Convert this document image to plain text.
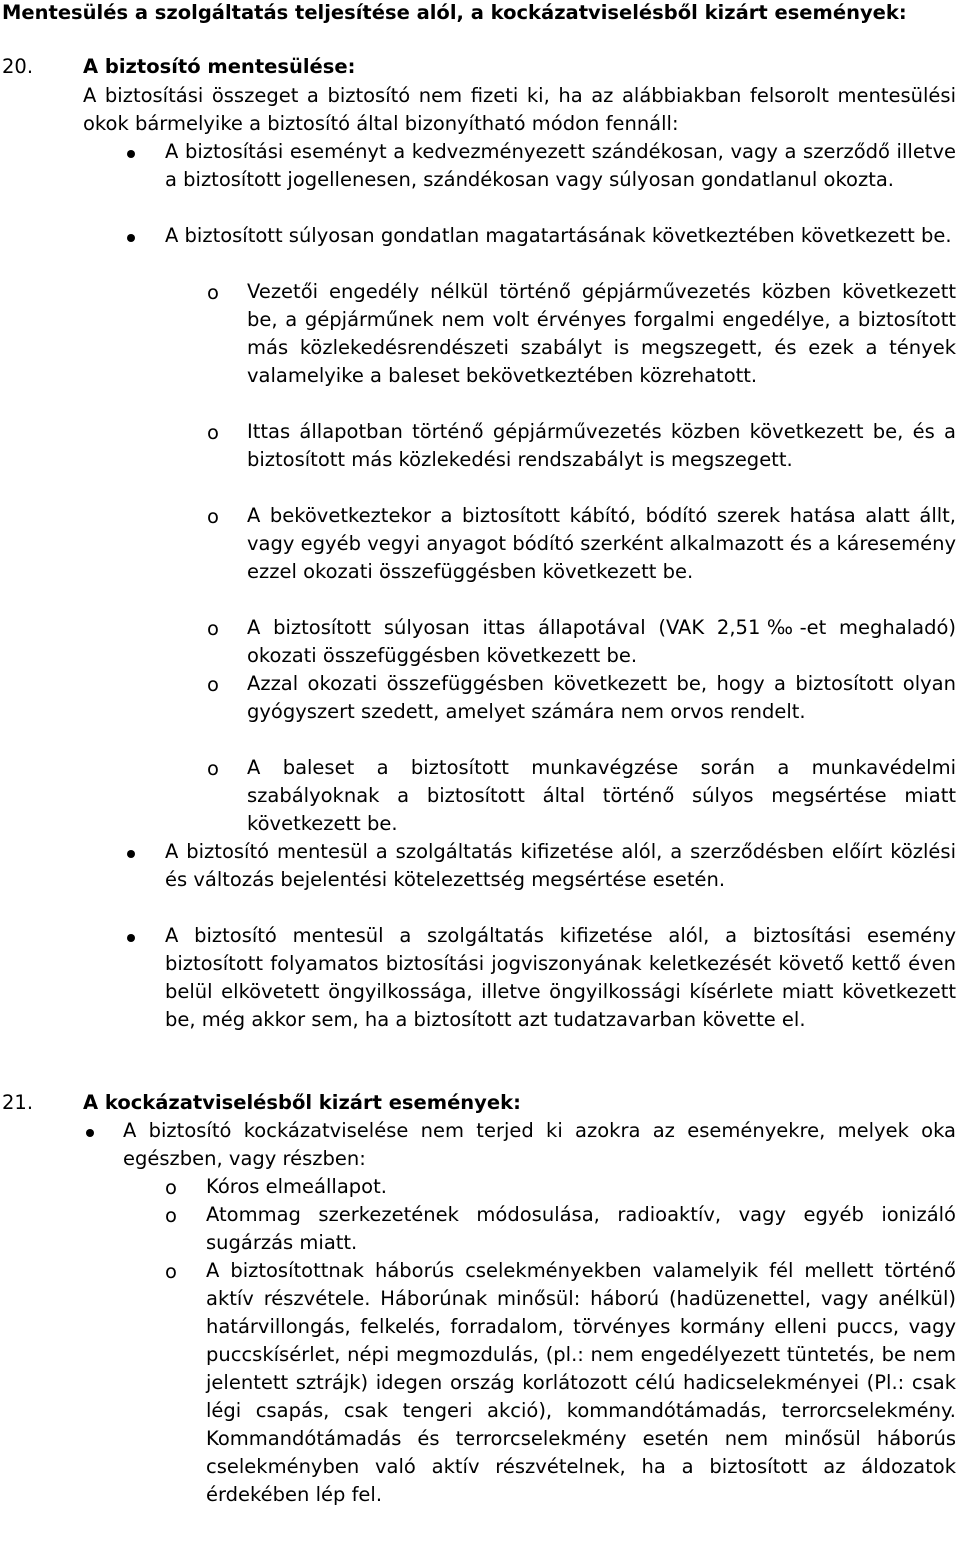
Mentesülés a szolgáltatás teljesítése alól, a kockázatviselésből kizárt események:
20.	A biztosító mentesülése:

A biztosítási összeget a biztosító nem fizeti ki, ha az alábbiakban felsorolt mentesülési okok bármelyike a biztosító által bizonyítható módon fennáll:

A biztosítási eseményt a kedvezményezett szándékosan, vagy a szerződő illetve a biztosított jogellenesen, szándékosan vagy súlyosan gondatlanul okozta.

A biztosított súlyosan gondatlan magatartásának következtében következett be.

o Vezetői engedély nélkül történő gépjárművezetés közben következett be, a gépjárműnek nem volt érvényes forgalmi engedélye, a biztosított más közlekedésrendészeti szabályt is megszegett, és ezek a tények valamelyike a baleset bekövetkeztében közrehatott.

o Ittas állapotban történő gépjárművezetés közben következett be, és a biztosított más közlekedési rendszabályt is megszegett.

o A bekövetkeztekor a biztosított kábító, bódító szerek hatása alatt állt, vagy egyéb vegyi anyagot bódító szerként alkalmazott és a káresemény ezzel okozati összefüggésben következett be.

o A biztosított súlyosan ittas állapotával (VAK 2,51‰-et meghaladó) okozati összefüggésben következett be.

o Azzal okozati összefüggésben következett be, hogy a biztosított olyan gyógyszert szedett, amelyet számára nem orvos rendelt.

o A baleset a biztosított munkavégzése során a munkavédelmi szabályoknak a biztosított által történő súlyos megsértése miatt következett be.

A biztosító mentesül a szolgáltatás kifizetése alól, a szerződésben előírt közlési és változás bejelentési kötelezettség megsértése esetén.

A biztosító mentesül a szolgáltatás kifizetése alól, a biztosítási esemény biztosított folyamatos biztosítási jogviszonyának keletkezését követő kettő éven belül elkövetett öngyilkossága, illetve öngyilkossági kísérlete miatt következett be, még akkor sem, ha a biztosított azt tudatzavarban követte el.

21.	A kockázatviselésből kizárt események:

A biztosító kockázatviselése nem terjed ki azokra az eseményekre, melyek oka egészben, vagy részben:

o Kóros elmeállapot.

o Atommag szerkezetének módosulása, radioaktív, vagy egyéb ionizáló sugárzás miatt.

o A biztosítottnak háborús cselekményekben valamelyik fél mellett történő aktív részvétele. Háborúnak minősül: háború (hadüzenettel, vagy anélkül) határvillongás, felkelés, forradalom, törvényes kormány elleni puccs, vagy puccskísérlet, népi megmozdulás, (pl.: nem engedélyezett tüntetés, be nem jelentett sztrájk) idegen ország korlátozott célú hadicselekményei (Pl.: csak légi csapás, csak tengeri akció), kommandótámadás, terrorcselekmény. Kommandótámadás és terrorcselekmény esetén nem minősül háborús cselekményben való aktív részvételnek, ha a biztosított az áldozatok érdekében lép fel.
